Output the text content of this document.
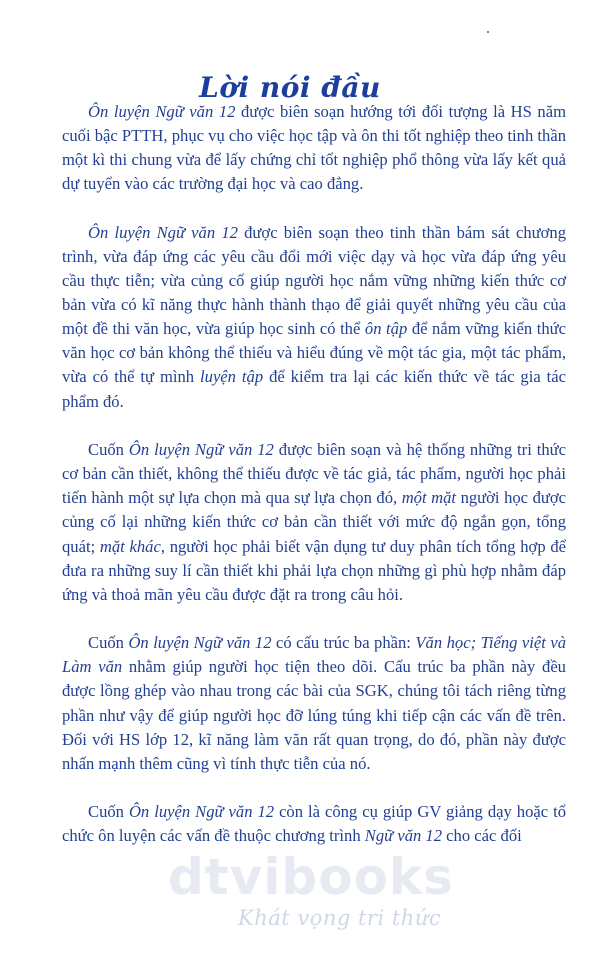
Lời nói đầu

Ôn luyện Ngữ văn 12 được biên soạn hướng tới đối tượng là HS năm cuối bậc PTTH, phục vụ cho việc học tập và ôn thi tốt nghiệp theo tinh thần một kì thi chung vừa để lấy chứng chỉ tốt nghiệp phổ thông vừa lấy kết quả dự tuyển vào các trường đại học và cao đẳng.

Ôn luyện Ngữ văn 12 được biên soạn theo tinh thần bám sát chương trình, vừa đáp ứng các yêu cầu đổi mới việc dạy và học vừa đáp ứng yêu cầu thực tiễn; vừa củng cố giúp người học nắm vững những kiến thức cơ bản vừa có kĩ năng thực hành thành thạo để giải quyết những yêu cầu của một đề thi văn học, vừa giúp học sinh có thể ôn tập để nắm vững kiến thức văn học cơ bản không thể thiếu và hiểu đúng về một tác gia, một tác phẩm, vừa có thể tự mình luyện tập để kiểm tra lại các kiến thức về tác gia tác phẩm đó.

Cuốn Ôn luyện Ngữ văn 12 được biên soạn và hệ thống những tri thức cơ bản cần thiết, không thể thiếu được về tác giả, tác phẩm, người học phải tiến hành một sự lựa chọn mà qua sự lựa chọn đó, một mặt người học được củng cố lại những kiến thức cơ bản cần thiết với mức độ ngắn gọn, tổng quát; mặt khác, người học phải biết vận dụng tư duy phân tích tổng hợp để đưa ra những suy lí cần thiết khi phải lựa chọn những gì phù hợp nhằm đáp ứng và thoả mãn yêu cầu được đặt ra trong câu hỏi.

Cuốn Ôn luyện Ngữ văn 12 có cấu trúc ba phần: Văn học; Tiếng việt và Làm văn nhằm giúp người học tiện theo dõi. Cấu trúc ba phần này đều được lồng ghép vào nhau trong các bài của SGK, chúng tôi tách riêng từng phần như vậy để giúp người học đỡ lúng túng khi tiếp cận các vấn đề trên. Đối với HS lớp 12, kĩ năng làm văn rất quan trọng, do đó, phần này được nhấn mạnh thêm cũng vì tính thực tiễn của nó.

Cuốn Ôn luyện Ngữ văn 12 còn là công cụ giúp GV giảng dạy hoặc tổ chức ôn luyện các vấn đề thuộc chương trình Ngữ văn 12 cho các đối

dtvibooks
Khát vọng tri thức
